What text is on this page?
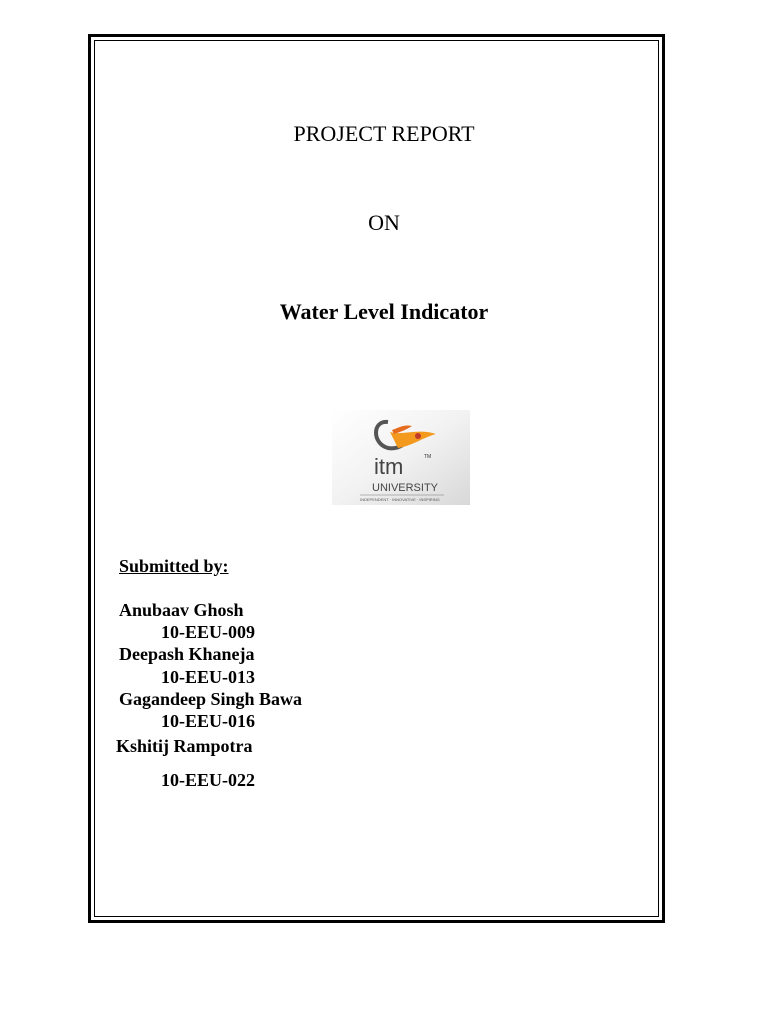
PROJECT REPORT
ON
Water Level Indicator
TM
itm
UNIVERSITY
INDEPENDENT · INNOVATIVE · INSPIRING
Submitted by:
Anubaav Ghosh
10-EEU-009
Deepash Khaneja
10-EEU-013
Gagandeep Singh Bawa
10-EEU-016
Kshitij Rampotra
10-EEU-022
